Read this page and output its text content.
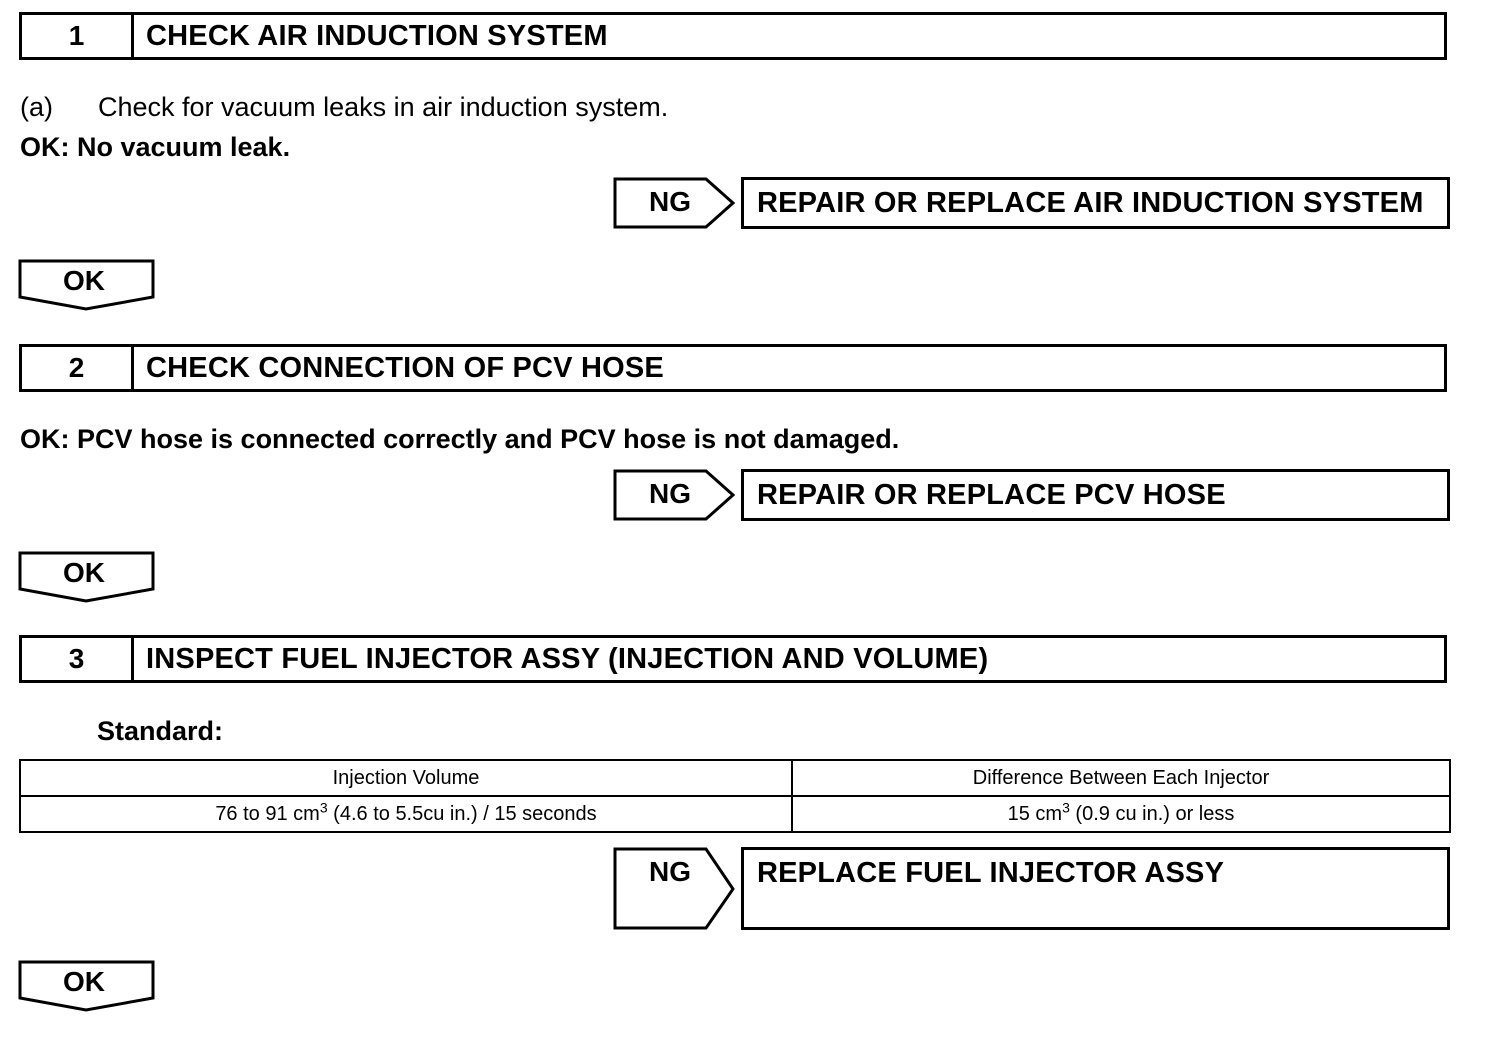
1	CHECK AIR INDUCTION SYSTEM
(a) Check for vacuum leaks in air induction system.
OK: No vacuum leak.
NG	REPAIR OR REPLACE AIR INDUCTION SYSTEM
OK
2	CHECK CONNECTION OF PCV HOSE
OK: PCV hose is connected correctly and PCV hose is not damaged.
NG	REPAIR OR REPLACE PCV HOSE
OK
3	INSPECT FUEL INJECTOR ASSY (INJECTION AND VOLUME)
Standard:
Injection Volume	Difference Between Each Injector
76 to 91 $cm^3$ (4.6 to 5.5cu in.) / 15 seconds	15 $cm^3$ (0.9 cu in.) or less
NG	REPLACE FUEL INJECTOR ASSY
OK
